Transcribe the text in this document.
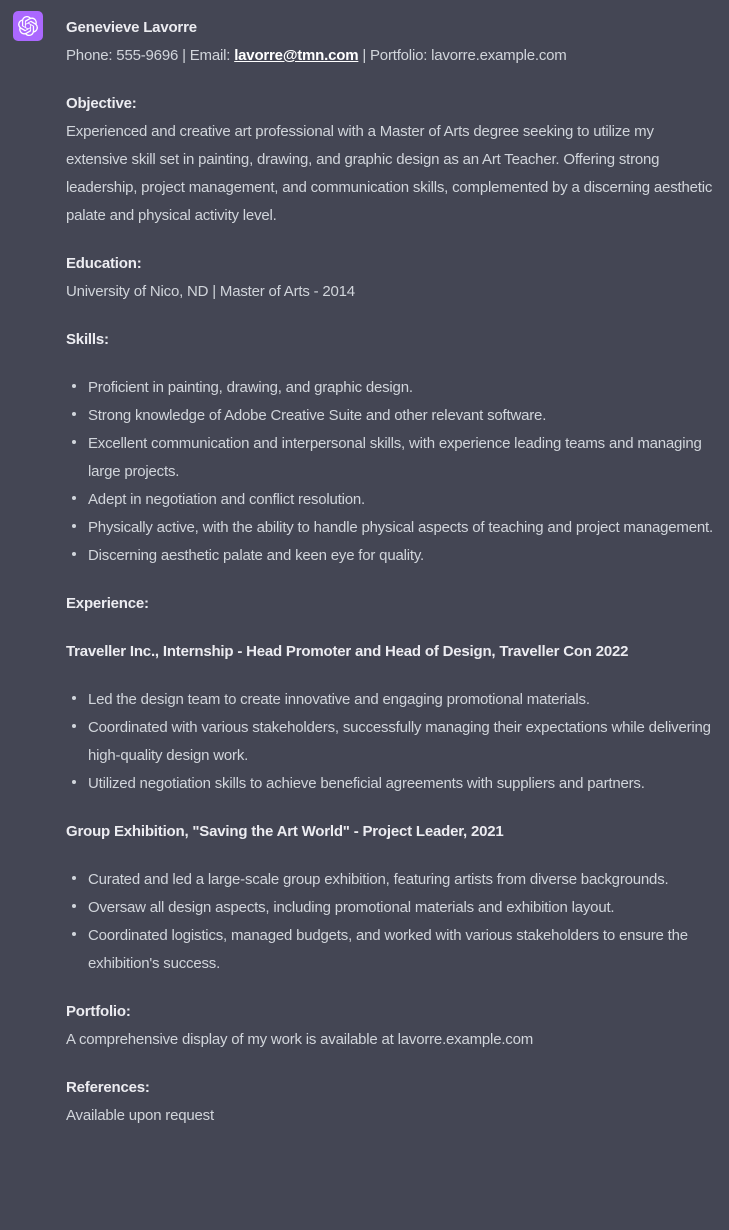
Genevieve Lavorre
Phone: 555-9696 | Email: lavorre@tmn.com | Portfolio: lavorre.example.com

Objective:
Experienced and creative art professional with a Master of Arts degree seeking to utilize my extensive skill set in painting, drawing, and graphic design as an Art Teacher. Offering strong leadership, project management, and communication skills, complemented by a discerning aesthetic palate and physical activity level.

Education:
University of Nico, ND | Master of Arts - 2014

Skills:

Proficient in painting, drawing, and graphic design.
Strong knowledge of Adobe Creative Suite and other relevant software.
Excellent communication and interpersonal skills, with experience leading teams and managing large projects.
Adept in negotiation and conflict resolution.
Physically active, with the ability to handle physical aspects of teaching and project management.
Discerning aesthetic palate and keen eye for quality.

Experience:

Traveller Inc., Internship - Head Promoter and Head of Design, Traveller Con 2022

Led the design team to create innovative and engaging promotional materials.
Coordinated with various stakeholders, successfully managing their expectations while delivering high-quality design work.
Utilized negotiation skills to achieve beneficial agreements with suppliers and partners.

Group Exhibition, "Saving the Art World" - Project Leader, 2021

Curated and led a large-scale group exhibition, featuring artists from diverse backgrounds.
Oversaw all design aspects, including promotional materials and exhibition layout.
Coordinated logistics, managed budgets, and worked with various stakeholders to ensure the exhibition's success.

Portfolio:
A comprehensive display of my work is available at lavorre.example.com

References:
Available upon request
